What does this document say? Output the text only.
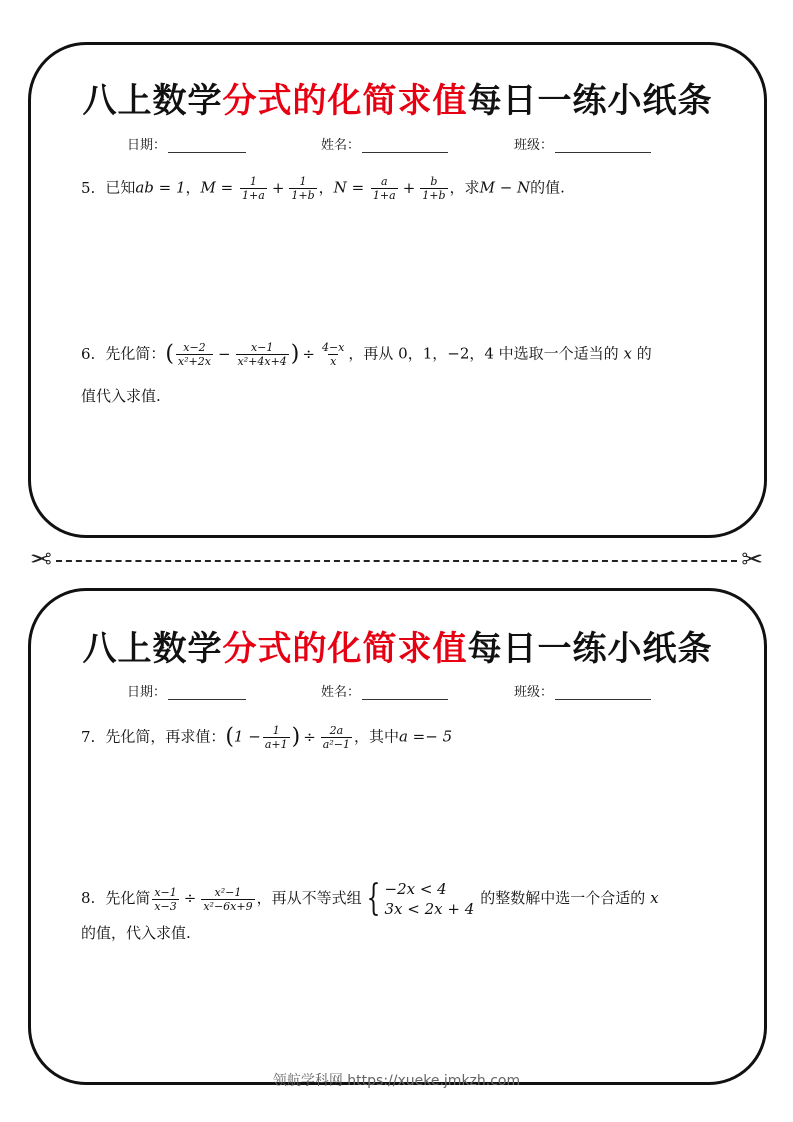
八上数学分式的化简求值每日一练小纸条
日期：	姓名：	班级：
5. 已知ab = 1，$M = \frac{1}{1+a} + \frac{1}{1+b}$ ，$N = \frac{a}{1+a} + \frac{b}{1+b}$ ，求M − N的值.
6. 先化简：( $\frac{x-2}{\text{x²+2x}} - \frac{x-1}{\text{x²+4x+4}}$ ) ÷ $\frac{4-x}{x}$ ，再从 0，1，−2，4 中选取一个适当的 x 的
值代入求值.
✂	✂
八上数学分式的化简求值每日一练小纸条
日期：	姓名：	班级：
7. 先化简，再求值：($1 - \frac{1}{a+1}$ ) ÷ $\frac{2a}{\text{a²−1}}$ ，其中a =− 5
8. 先化简 $\frac{x-1}{x-3} \div \frac{\text{x²−1}}{\text{x²−6x+9}}$ ，再从不等式组 { −2x < 4
3x < 2x + 4
的整数解中选一个合适的 x
的值，代入求值.
领航学科网 https://xueke.jmkzh.com
